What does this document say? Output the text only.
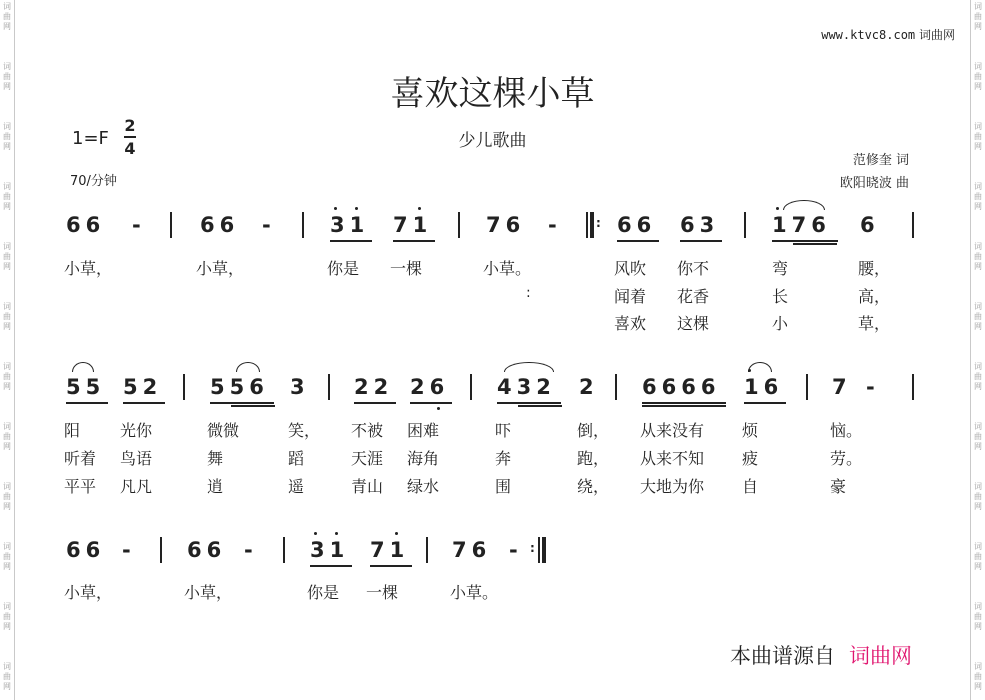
词
曲
网
词
曲
网
词
曲
网
词
曲
网
词
曲
网
词
曲
网
词
曲
网
词
曲
网
词
曲
网
词
曲
网
词
曲
网
词
曲
网
词
曲
网
词
曲
网
词
曲
网
词
曲
网
词
曲
网
词
曲
网
词
曲
网
词
曲
网
词
曲
网
词
曲
网
词
曲
网
词
曲
网
www.ktvc8.com 词曲网
喜欢这棵小草
少儿歌曲
1=F
2
4
70/分钟
范修奎 词
欧阳晓波 曲
66 -	66 -	31 71	76 -	: 66 63	176 6
小草，	小草，	你是 一棵	小草。	风吹 你不	弯	腰，
:	闻着 花香	长	高，
喜欢 这棵	小	草，
55 52 556 3 22 26 432 2 6666 16 7 -
阳 光你	微微	笑， 不被 困难	吓	倒， 从来没有 烦	恼。
听着 鸟语	舞	蹈	天涯 海角	奔	跑， 从来不知 疲	劳。
平平 凡凡	逍	遥	青山 绿水	围	绕， 大地为你 自	豪
66 - 66 - 31 71 76 - :
小草，	小草，	你是 一棵	小草。
本曲谱源自 词曲网
